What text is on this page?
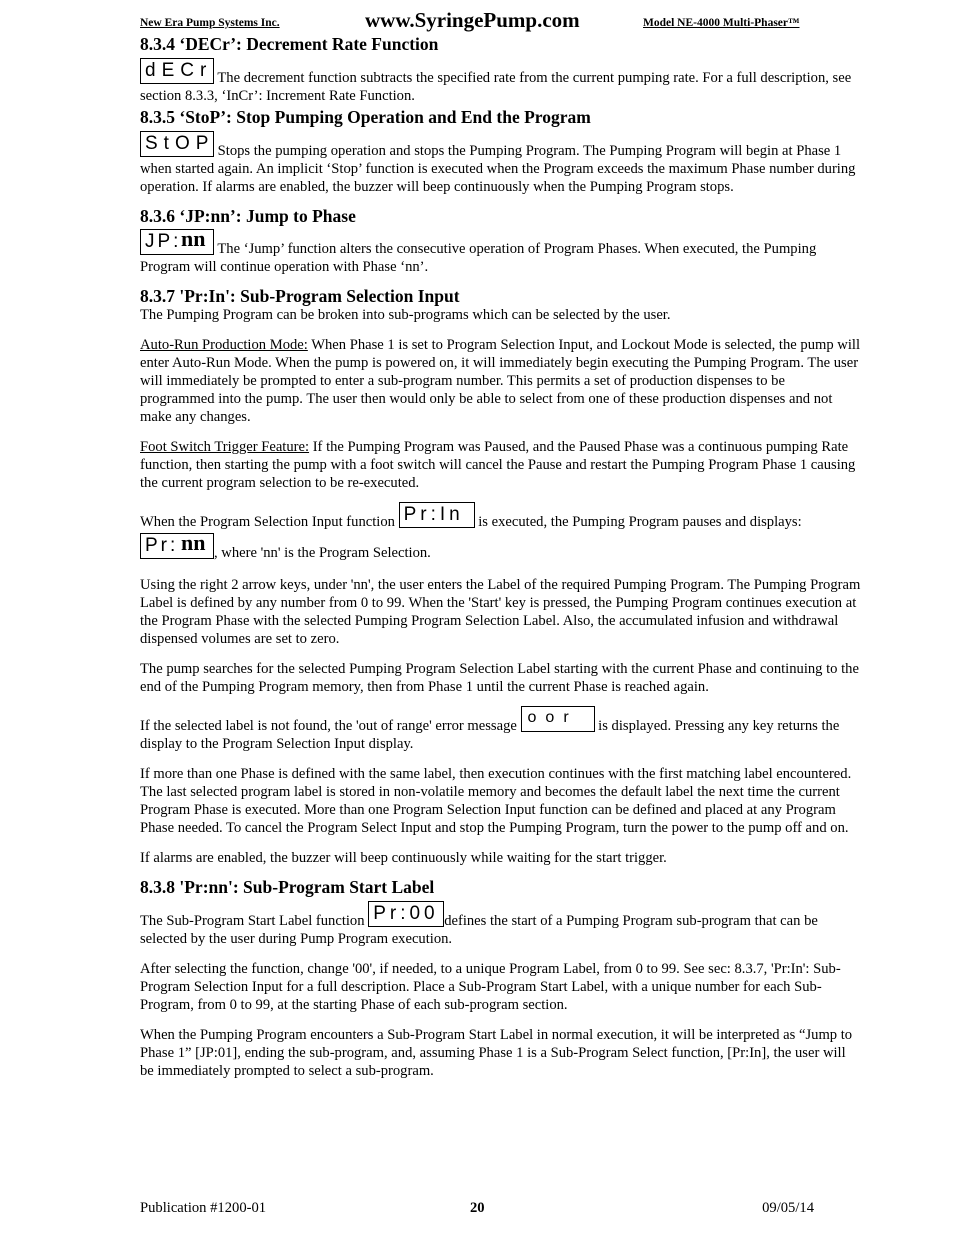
New Era Pump Systems Inc.	www.SyringePump.com	Model NE-4000 Multi-Phaser™
8.3.4 ‘DECr’: Decrement Rate Function

dECr The decrement function subtracts the specified rate from the current pumping rate. For a full description, see section 8.3.3, ‘InCr’: Increment Rate Function.

8.3.5 ‘StoP’: Stop Pumping Operation and End the Program

StOP Stops the pumping operation and stops the Pumping Program. The Pumping Program will begin at Phase 1 when started again. An implicit ‘Stop’ function is executed when the Program exceeds the maximum Phase number during operation. If alarms are enabled, the buzzer will beep continuously when the Pumping Program stops.

8.3.6 ‘JP:nn’: Jump to Phase

JP: nn The ‘Jump’ function alters the consecutive operation of Program Phases. When executed, the Pumping Program will continue operation with Phase ‘nn’.

8.3.7 'Pr:In': Sub-Program Selection Input

The Pumping Program can be broken into sub-programs which can be selected by the user.

Auto-Run Production Mode: When Phase 1 is set to Program Selection Input, and Lockout Mode is selected, the pump will enter Auto-Run Mode. When the pump is powered on, it will immediately begin executing the Pumping Program. The user will immediately be prompted to enter a sub-program number. This permits a set of production dispenses to be programmed into the pump. The user then would only be able to select from one of these production dispenses and not make any changes.

Foot Switch Trigger Feature: If the Pumping Program was Paused, and the Paused Phase was a continuous pumping Rate function, then starting the pump with a foot switch will cancel the Pause and restart the Pumping Program Phase 1 causing the current program selection to be re-executed.

When the Program Selection Input function Pr:In is executed, the Pumping Program pauses and displays:

Pr: nn , where 'nn' is the Program Selection.

Using the right 2 arrow keys, under 'nn', the user enters the Label of the required Pumping Program. The Pumping Program Label is defined by any number from 0 to 99. When the 'Start' key is pressed, the Pumping Program continues execution at the Program Phase with the selected Pumping Program Selection Label. Also, the accumulated infusion and withdrawal dispensed volumes are set to zero.

The pump searches for the selected Pumping Program Selection Label starting with the current Phase and continuing to the end of the Pumping Program memory, then from Phase 1 until the current Phase is reached again.

If the selected label is not found, the 'out of range' error message oor is displayed. Pressing any key returns the display to the Program Selection Input display.

If more than one Phase is defined with the same label, then execution continues with the first matching label encountered. The last selected program label is stored in non-volatile memory and becomes the default label the next time the current Program Phase is executed. More than one Program Selection Input function can be defined and placed at any Program Phase needed. To cancel the Program Select Input and stop the Pumping Program, turn the power to the pump off and on.

If alarms are enabled, the buzzer will beep continuously while waiting for the start trigger.

8.3.8 'Pr:nn': Sub-Program Start Label

The Sub-Program Start Label function Pr:00 defines the start of a Pumping Program sub-program that can be selected by the user during Pump Program execution.

After selecting the function, change '00', if needed, to a unique Program Label, from 0 to 99. See sec: 8.3.7, 'Pr:In': Sub-Program Selection Input for a full description. Place a Sub-Program Start Label, with a unique number for each Sub-Program, from 0 to 99, at the starting Phase of each sub-program section.

When the Pumping Program encounters a Sub-Program Start Label in normal execution, it will be interpreted as “Jump to Phase 1” [JP:01], ending the sub-program, and, assuming Phase 1 is a Sub-Program Select function, [Pr:In], the user will be immediately prompted to select a sub-program.

Publication #1200-01	20	09/05/14
